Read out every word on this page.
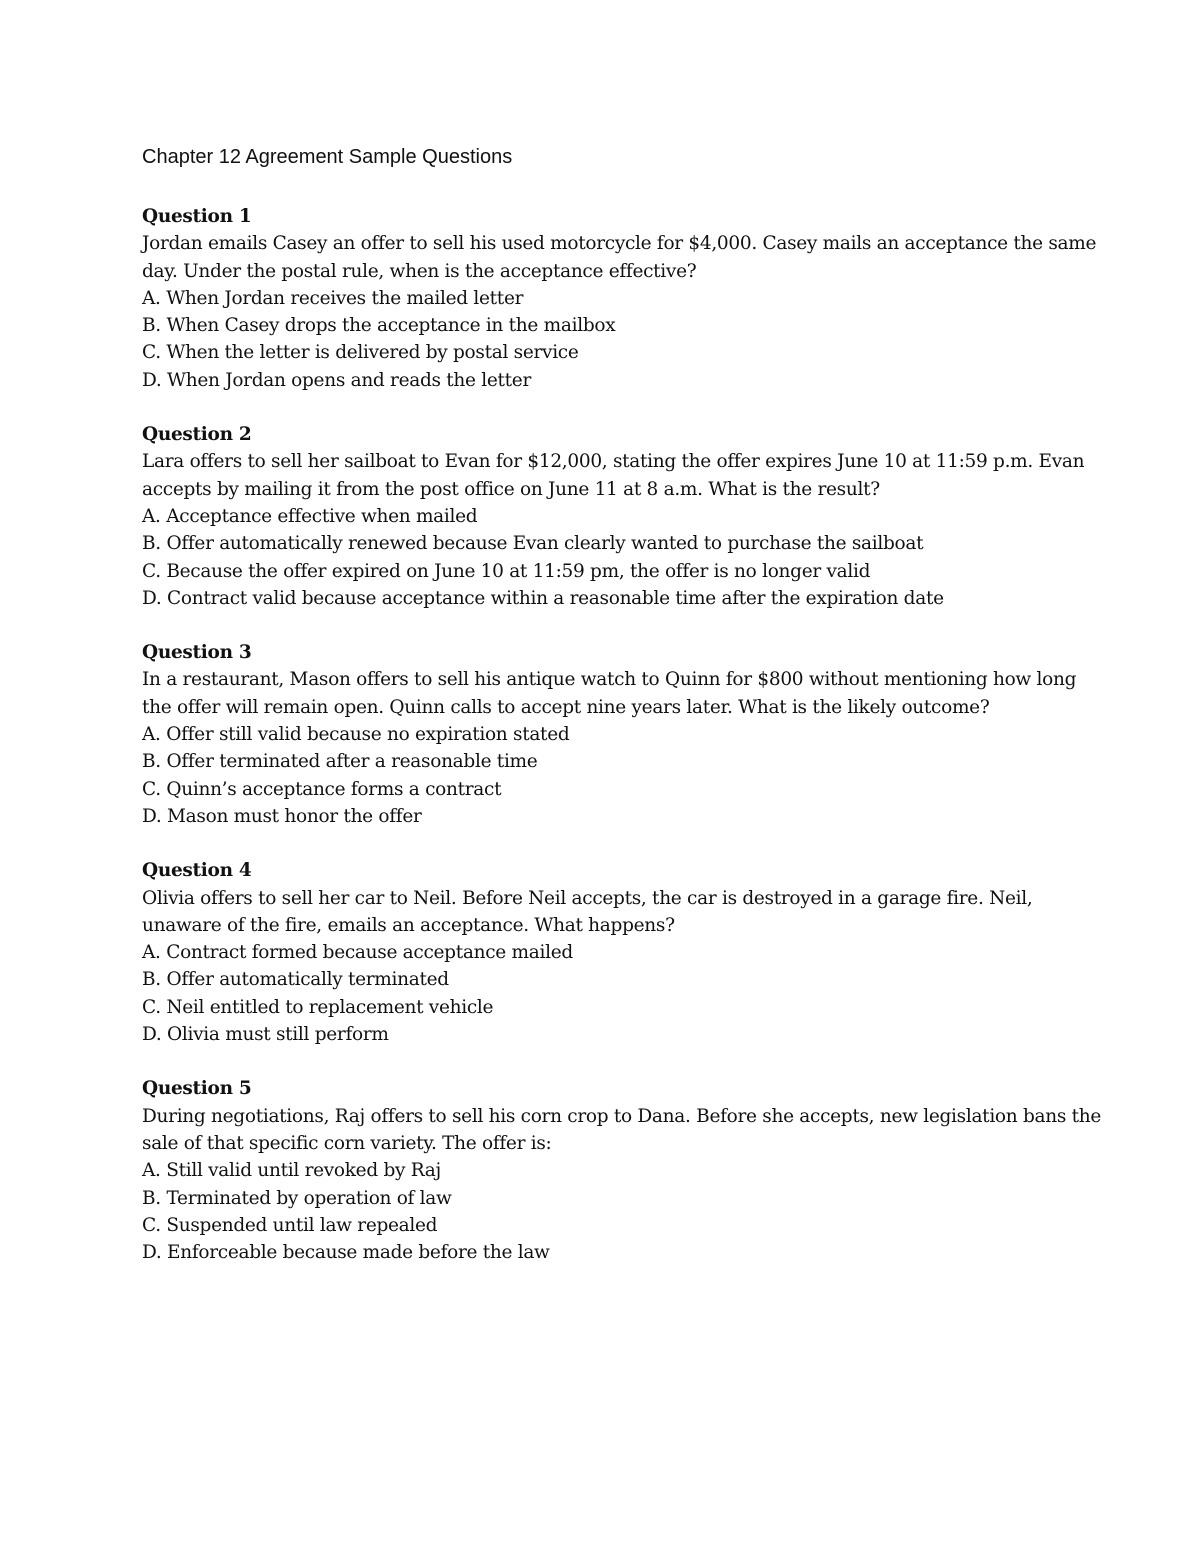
Chapter 12 Agreement Sample Questions
Question 1
Jordan emails Casey an offer to sell his used motorcycle for $4,000. Casey mails an acceptance the same day. Under the postal rule, when is the acceptance effective?
A. When Jordan receives the mailed letter
B. When Casey drops the acceptance in the mailbox
C. When the letter is delivered by postal service
D. When Jordan opens and reads the letter
Question 2
Lara offers to sell her sailboat to Evan for $12,000, stating the offer expires June 10 at 11:59 p.m. Evan accepts by mailing it from the post office on June 11 at 8 a.m. What is the result?
A. Acceptance effective when mailed
B. Offer automatically renewed because Evan clearly wanted to purchase the sailboat
C. Because the offer expired on June 10 at 11:59 pm, the offer is no longer valid
D. Contract valid because acceptance within a reasonable time after the expiration date
Question 3
In a restaurant, Mason offers to sell his antique watch to Quinn for $800 without mentioning how long the offer will remain open. Quinn calls to accept nine years later. What is the likely outcome?
A. Offer still valid because no expiration stated
B. Offer terminated after a reasonable time
C. Quinn’s acceptance forms a contract
D. Mason must honor the offer
Question 4
Olivia offers to sell her car to Neil. Before Neil accepts, the car is destroyed in a garage fire. Neil, unaware of the fire, emails an acceptance. What happens?
A. Contract formed because acceptance mailed
B. Offer automatically terminated
C. Neil entitled to replacement vehicle
D. Olivia must still perform
Question 5
During negotiations, Raj offers to sell his corn crop to Dana. Before she accepts, new legislation bans the sale of that specific corn variety. The offer is:
A. Still valid until revoked by Raj
B. Terminated by operation of law
C. Suspended until law repealed
D. Enforceable because made before the law
